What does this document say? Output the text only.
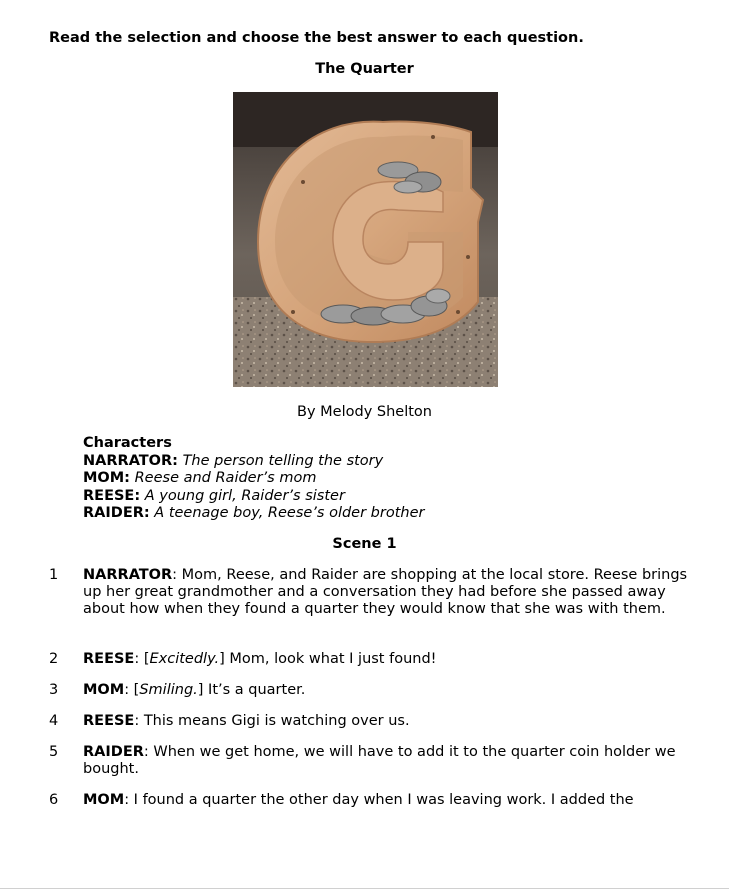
Read the selection and choose the best answer to each question.
The Quarter
By Melody Shelton
Characters
NARRATOR: The person telling the story
MOM: Reese and Raider’s mom
REESE: A young girl, Raider’s sister
RAIDER: A teenage boy, Reese’s older brother
Scene 1
1 NARRATOR: Mom, Reese, and Raider are shopping at the local store. Reese brings up her great grandmother and a conversation they had before she passed away about how when they found a quarter they would know that she was with them.
2 REESE: [Excitedly.] Mom, look what I just found!
3 MOM: [Smiling.] It’s a quarter.
4 REESE: This means Gigi is watching over us.
5 RAIDER: When we get home, we will have to add it to the quarter coin holder we bought.
6 MOM: I found a quarter the other day when I was leaving work. I added the
